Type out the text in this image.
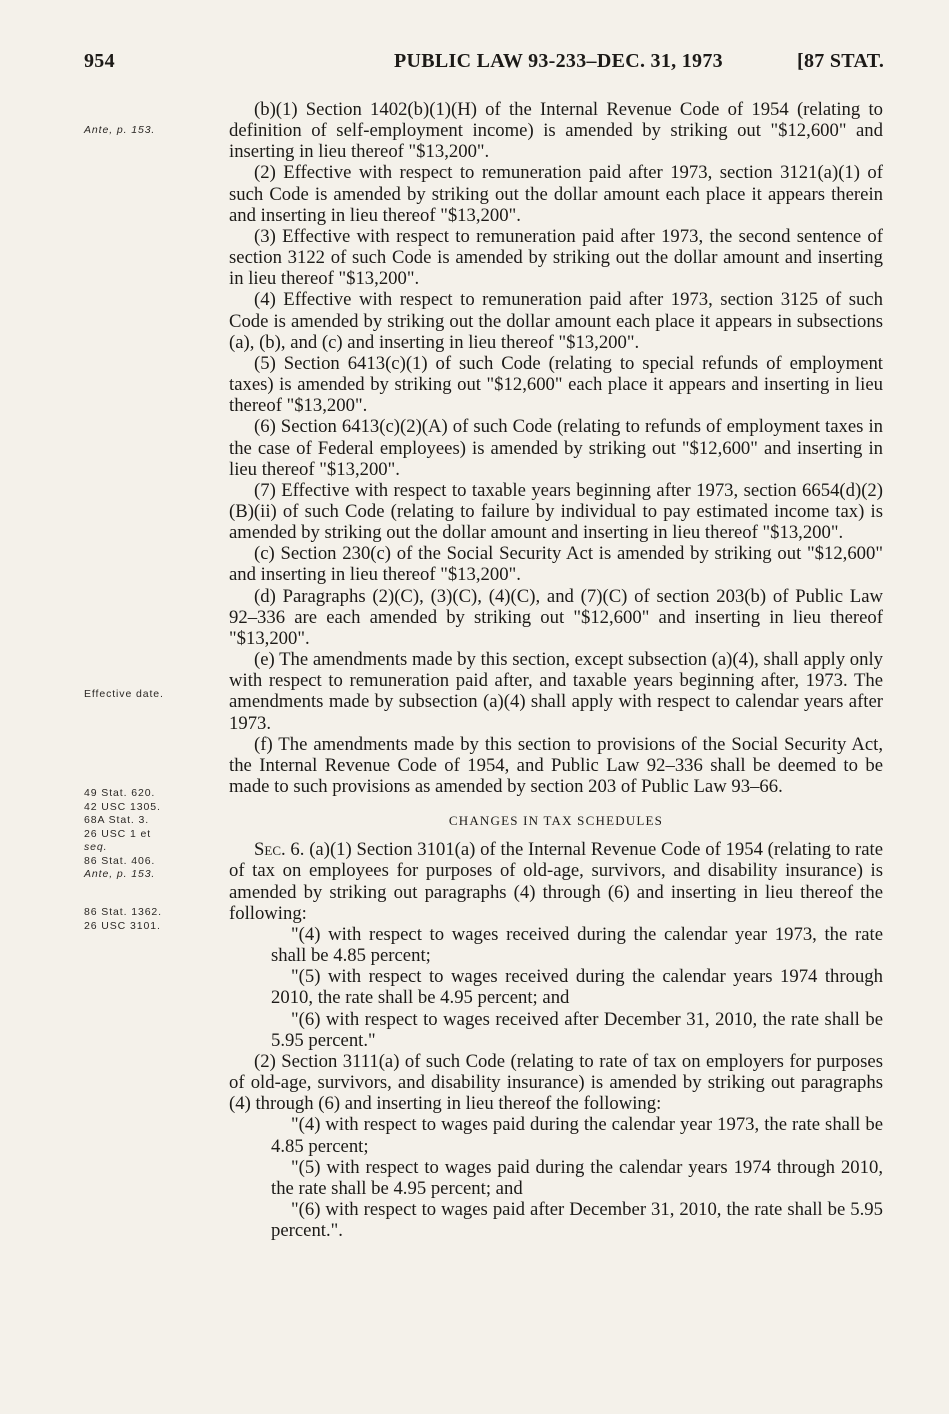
954	PUBLIC LAW 93-233–DEC. 31, 1973	[87 STAT.
Ante, p. 153.
Effective date.
49 Stat. 620.
42 USC 1305.
68A Stat. 3.
26 USC 1 et
seq.
86 Stat. 406.
Ante, p. 153.
86 Stat. 1362.
26 USC 3101.

(b)(1) Section 1402(b)(1)(H) of the Internal Revenue Code of 1954 (relating to definition of self-employment income) is amended by striking out "$12,600" and inserting in lieu thereof "$13,200".

(2) Effective with respect to remuneration paid after 1973, section 3121(a)(1) of such Code is amended by striking out the dollar amount each place it appears therein and inserting in lieu thereof "$13,200".

(3) Effective with respect to remuneration paid after 1973, the second sentence of section 3122 of such Code is amended by striking out the dollar amount and inserting in lieu thereof "$13,200".

(4) Effective with respect to remuneration paid after 1973, section 3125 of such Code is amended by striking out the dollar amount each place it appears in subsections (a), (b), and (c) and inserting in lieu thereof "$13,200".

(5) Section 6413(c)(1) of such Code (relating to special refunds of employment taxes) is amended by striking out "$12,600" each place it appears and inserting in lieu thereof "$13,200".

(6) Section 6413(c)(2)(A) of such Code (relating to refunds of employment taxes in the case of Federal employees) is amended by striking out "$12,600" and inserting in lieu thereof "$13,200".

(7) Effective with respect to taxable years beginning after 1973, section 6654(d)(2)(B)(ii) of such Code (relating to failure by individual to pay estimated income tax) is amended by striking out the dollar amount and inserting in lieu thereof "$13,200".

(c) Section 230(c) of the Social Security Act is amended by striking out "$12,600" and inserting in lieu thereof "$13,200".

(d) Paragraphs (2)(C), (3)(C), (4)(C), and (7)(C) of section 203(b) of Public Law 92–336 are each amended by striking out "$12,600" and inserting in lieu thereof "$13,200".

(e) The amendments made by this section, except subsection (a)(4), shall apply only with respect to remuneration paid after, and taxable years beginning after, 1973. The amendments made by subsection (a)(4) shall apply with respect to calendar years after 1973.

(f) The amendments made by this section to provisions of the Social Security Act, the Internal Revenue Code of 1954, and Public Law 92–336 shall be deemed to be made to such provisions as amended by section 203 of Public Law 93–66.

CHANGES IN TAX SCHEDULES

Sec. 6. (a)(1) Section 3101(a) of the Internal Revenue Code of 1954 (relating to rate of tax on employees for purposes of old-age, survivors, and disability insurance) is amended by striking out paragraphs (4) through (6) and inserting in lieu thereof the following:

"(4) with respect to wages received during the calendar year 1973, the rate shall be 4.85 percent;

"(5) with respect to wages received during the calendar years 1974 through 2010, the rate shall be 4.95 percent; and

"(6) with respect to wages received after December 31, 2010, the rate shall be 5.95 percent."

(2) Section 3111(a) of such Code (relating to rate of tax on employers for purposes of old-age, survivors, and disability insurance) is amended by striking out paragraphs (4) through (6) and inserting in lieu thereof the following:

"(4) with respect to wages paid during the calendar year 1973, the rate shall be 4.85 percent;

"(5) with respect to wages paid during the calendar years 1974 through 2010, the rate shall be 4.95 percent; and

"(6) with respect to wages paid after December 31, 2010, the rate shall be 5.95 percent.".
